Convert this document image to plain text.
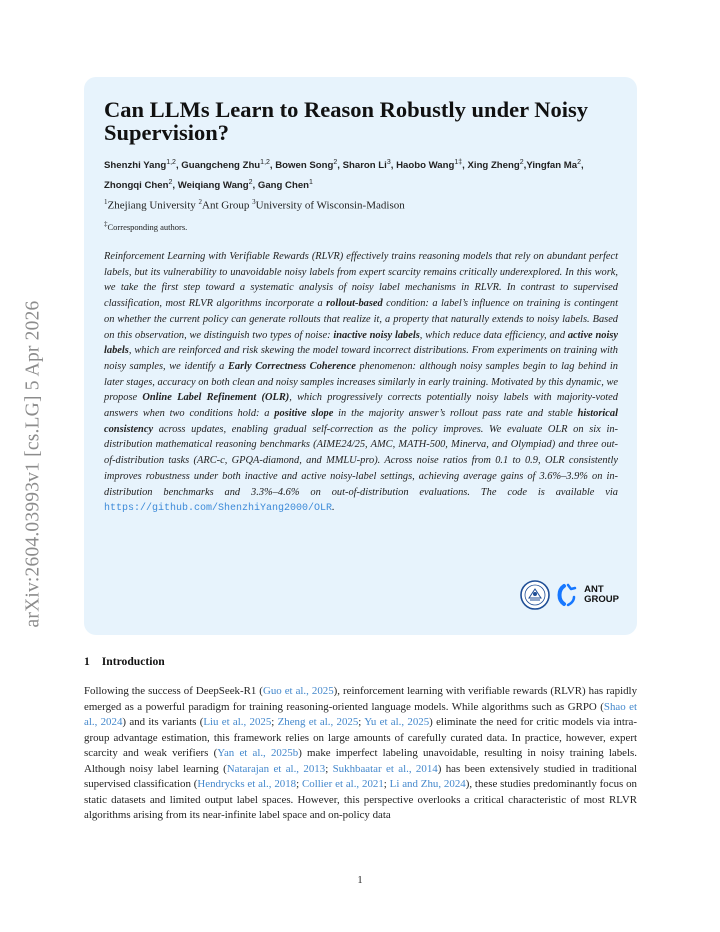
arXiv:2604.03993v1 [cs.LG] 5 Apr 2026
Can LLMs Learn to Reason Robustly under Noisy Supervision?
Shenzhi Yang$^{1,2}$, Guangcheng Zhu$^{1,2}$, Bowen Song$^2$, Sharon Li$^3$, Haobo Wang$^{1\ddagger}$, Xing Zheng$^2$,Yingfan Ma$^2$, Zhongqi Chen$^2$, Weiqiang Wang$^2$, Gang Chen$^1$
$^1$Zhejiang University $^2$Ant Group $^3$University of Wisconsin-Madison
‡Corresponding authors.

Reinforcement Learning with Verifiable Rewards (RLVR) effectively trains reasoning models that rely on abundant perfect labels, but its vulnerability to unavoidable noisy labels from expert scarcity remains critically underexplored. In this work, we take the first step toward a systematic analysis of noisy label mechanisms in RLVR. In contrast to supervised classification, most RLVR algorithms incorporate a rollout-based condition: a label’s influence on training is contingent on whether the current policy can generate rollouts that realize it, a property that naturally extends to noisy labels. Based on this observation, we distinguish two types of noise: inactive noisy labels, which reduce data efficiency, and active noisy labels, which are reinforced and risk skewing the model toward incorrect distributions. From experiments on training with noisy samples, we identify a Early Correctness Coherence phenomenon: although noisy samples begin to lag behind in later stages, accuracy on both clean and noisy samples increases similarly in early training. Motivated by this dynamic, we propose Online Label Refinement (OLR), which progressively corrects potentially noisy labels with majority-voted answers when two conditions hold: a positive slope in the majority answer’s rollout pass rate and stable historical consistency across updates, enabling gradual self-correction as the policy improves. We evaluate OLR on six in-distribution mathematical reasoning benchmarks (AIME24/25, AMC, MATH-500, Minerva, and Olympiad) and three out-of-distribution tasks (ARC-c, GPQA-diamond, and MMLU-pro). Across noise ratios from 0.1 to 0.9, OLR consistently improves robustness under both inactive and active noisy-label settings, achieving average gains of 3.6%–3.9% on in-distribution benchmarks and 3.3%–4.6% on out-of-distribution evaluations. The code is available via https://github.com/ShenzhiYang2000/OLR.

ANT
GROUP
1 Introduction

Following the success of DeepSeek-R1 (Guo et al., 2025), reinforcement learning with verifiable rewards (RLVR) has rapidly emerged as a powerful paradigm for training reasoning-oriented language models. While algorithms such as GRPO (Shao et al., 2024) and its variants (Liu et al., 2025; Zheng et al., 2025; Yu et al., 2025) eliminate the need for critic models via intra-group advantage estimation, this framework relies on large amounts of carefully curated data. In practice, however, expert scarcity and weak verifiers (Yan et al., 2025b) make imperfect labeling unavoidable, resulting in noisy training labels. Although noisy label learning (Natarajan et al., 2013; Sukhbaatar et al., 2014) has been extensively studied in traditional supervised classification (Hendrycks et al., 2018; Collier et al., 2021; Li and Zhu, 2024), these studies predominantly focus on static datasets and limited output label spaces. However, this perspective overlooks a critical characteristic of most RLVR algorithms arising from its near-infinite label space and on-policy data

1
